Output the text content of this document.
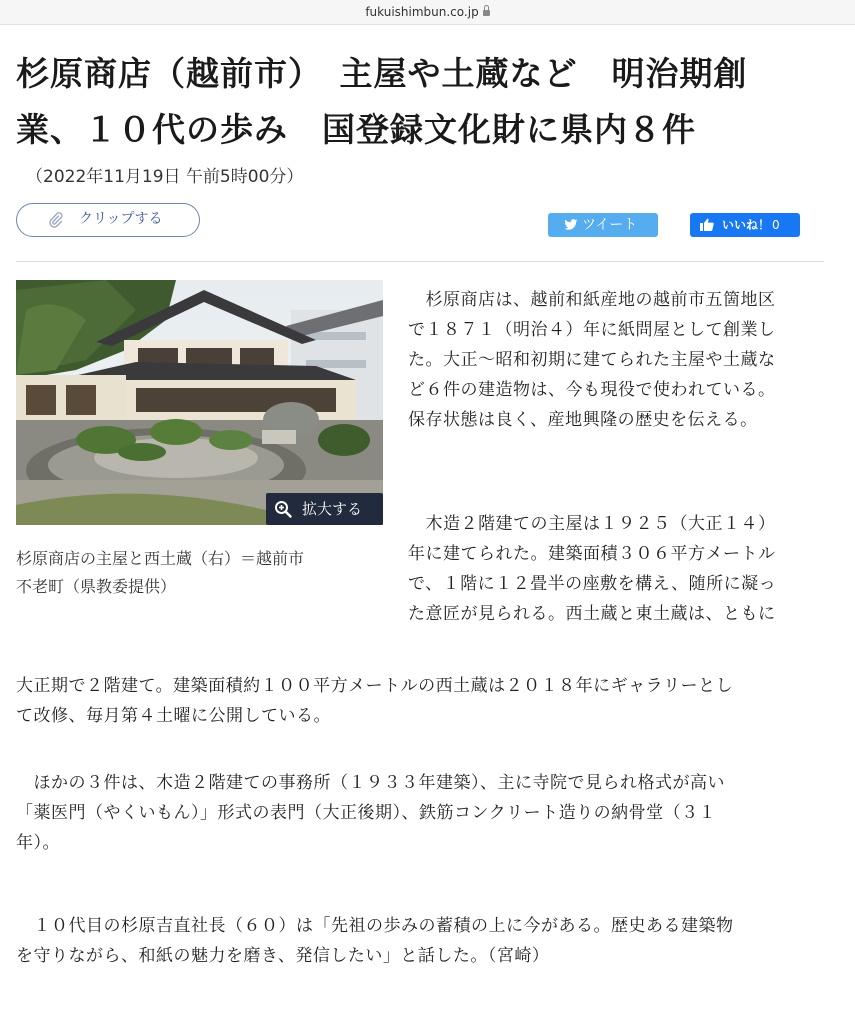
fukuishimbun.co.jp
杉原商店（越前市）　主屋や土蔵など　明治期創
業、１０代の歩み　国登録文化財に県内８件
（2022年11月19日 午前5時00分）
クリップする	ツイート	いいね！ 0
拡大する

杉原商店の主屋と西土蔵（右）＝越前市
不老町（県教委提供）

　杉原商店は、越前和紙産地の越前市五箇地区
で１８７１（明治４）年に紙問屋として創業し
た。大正～昭和初期に建てられた主屋や土蔵な
ど６件の建造物は、今も現役で使われている。
保存状態は良く、産地興隆の歴史を伝える。

　木造２階建ての主屋は１９２５（大正１４）
年に建てられた。建築面積３０６平方メートル
で、１階に１２畳半の座敷を構え、随所に凝っ
た意匠が見られる。西土蔵と東土蔵は、ともに

大正期で２階建て。建築面積約１００平方メートルの西土蔵は２０１８年にギャラリーとし
て改修、毎月第４土曜に公開している。

　ほかの３件は、木造２階建ての事務所（１９３３年建築）、主に寺院で見られ格式が高い
「薬医門（やくいもん）」形式の表門（大正後期）、鉄筋コンクリート造りの納骨堂（３１
年）。

　１０代目の杉原吉直社長（６０）は「先祖の歩みの蓄積の上に今がある。歴史ある建築物
を守りながら、和紙の魅力を磨き、発信したい」と話した。（宮崎）
